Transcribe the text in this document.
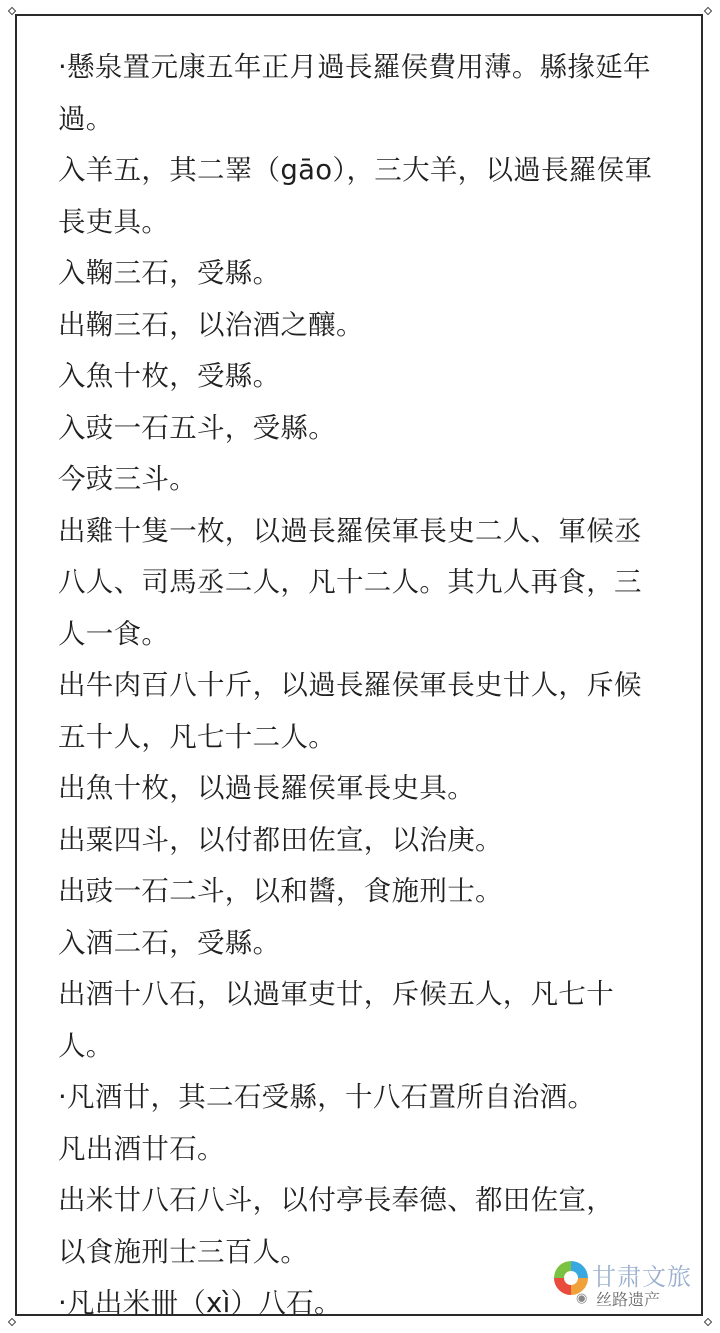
·懸泉置元康五年正月過長羅侯費用薄。縣掾延年
過。
入羊五，其二睪（gāo），三大羊，以過長羅侯軍
長吏具。
入鞠三石，受縣。
出鞠三石，以治酒之釀。
入魚十枚，受縣。
入豉一石五斗，受縣。
今豉三斗。
出雞十隻一枚，以過長羅侯軍長史二人、軍候丞
八人、司馬丞二人，凡十二人。其九人再食，三
人一食。
出牛肉百八十斤，以過長羅侯軍長史廿人，斥候
五十人，凡七十二人。
出魚十枚，以過長羅侯軍長史具。
出粟四斗，以付都田佐宣，以治庚。
出豉一石二斗，以和醬，食施刑士。
入酒二石，受縣。
出酒十八石，以過軍吏廿，斥候五人，凡七十
人。
·凡酒廿，其二石受縣，十八石置所自治酒。
凡出酒廿石。
出米廿八石八斗，以付亭長奉德、都田佐宣，
以食施刑士三百人。
·凡出米卌（xì）八石。
甘肃文旅
◉ 丝路遗产
